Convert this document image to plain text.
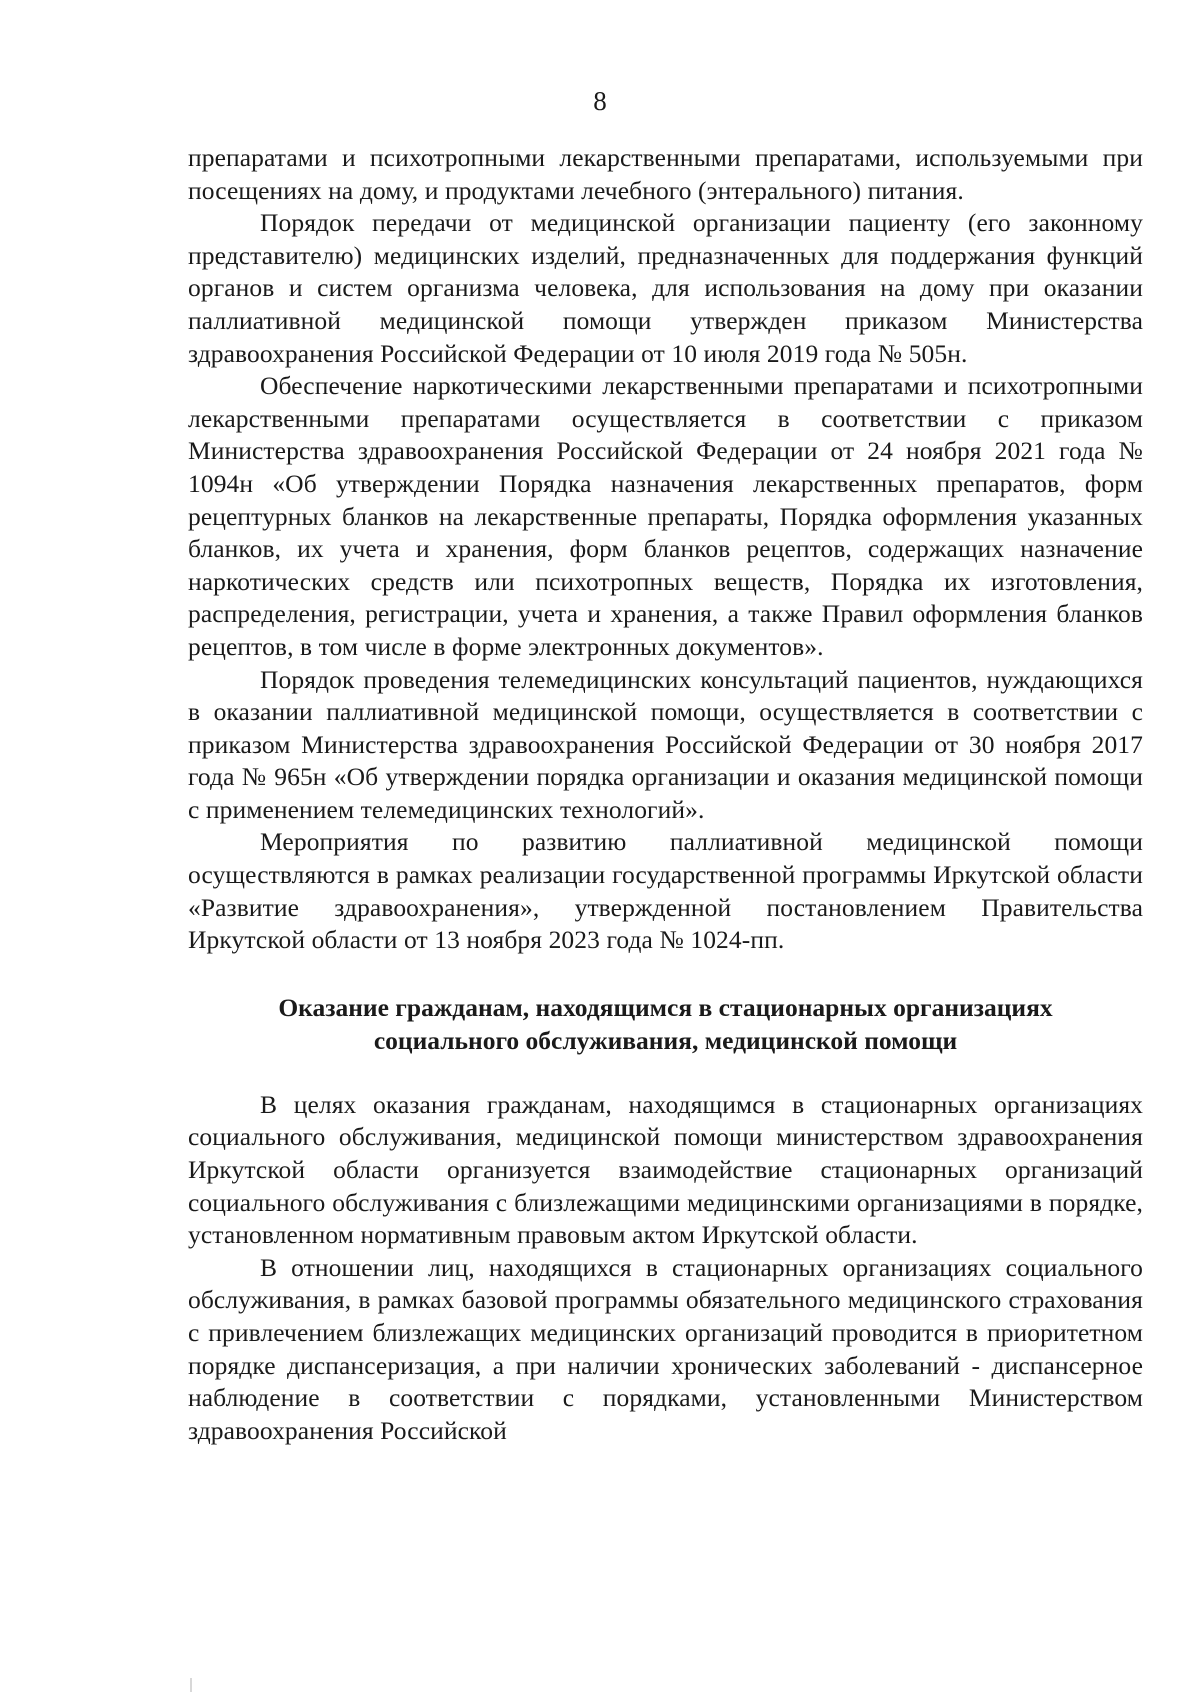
8

препаратами и психотропными лекарственными препаратами, используемыми при посещениях на дому, и продуктами лечебного (энтерального) питания.

Порядок передачи от медицинской организации пациенту (его законному представителю) медицинских изделий, предназначенных для поддержания функций органов и систем организма человека, для использования на дому при оказании паллиативной медицинской помощи утвержден приказом Министерства здравоохранения Российской Федерации от 10 июля 2019 года № 505н.

Обеспечение наркотическими лекарственными препаратами и психотропными лекарственными препаратами осуществляется в соответствии с приказом Министерства здравоохранения Российской Федерации от 24 ноября 2021 года № 1094н «Об утверждении Порядка назначения лекарственных препаратов, форм рецептурных бланков на лекарственные препараты, Порядка оформления указанных бланков, их учета и хранения, форм бланков рецептов, содержащих назначение наркотических средств или психотропных веществ, Порядка их изготовления, распределения, регистрации, учета и хранения, а также Правил оформления бланков рецептов, в том числе в форме электронных документов».

Порядок проведения телемедицинских консультаций пациентов, нуждающихся в оказании паллиативной медицинской помощи, осуществляется в соответствии с приказом Министерства здравоохранения Российской Федерации от 30 ноября 2017 года № 965н «Об утверждении порядка организации и оказания медицинской помощи с применением телемедицинских технологий».

Мероприятия по развитию паллиативной медицинской помощи осуществляются в рамках реализации государственной программы Иркутской области «Развитие здравоохранения», утвержденной постановлением Правительства Иркутской области от 13 ноября 2023 года № 1024-пп.

Оказание гражданам, находящимся в стационарных организациях
социального обслуживания, медицинской помощи

В целях оказания гражданам, находящимся в стационарных организациях социального обслуживания, медицинской помощи министерством здравоохранения Иркутской области организуется взаимодействие стационарных организаций социального обслуживания с близлежащими медицинскими организациями в порядке, установленном нормативным правовым актом Иркутской области.

В отношении лиц, находящихся в стационарных организациях социального обслуживания, в рамках базовой программы обязательного медицинского страхования с привлечением близлежащих медицинских организаций проводится в приоритетном порядке диспансеризация, а при наличии хронических заболеваний - диспансерное наблюдение в соответствии с порядками, установленными Министерством здравоохранения Российской
